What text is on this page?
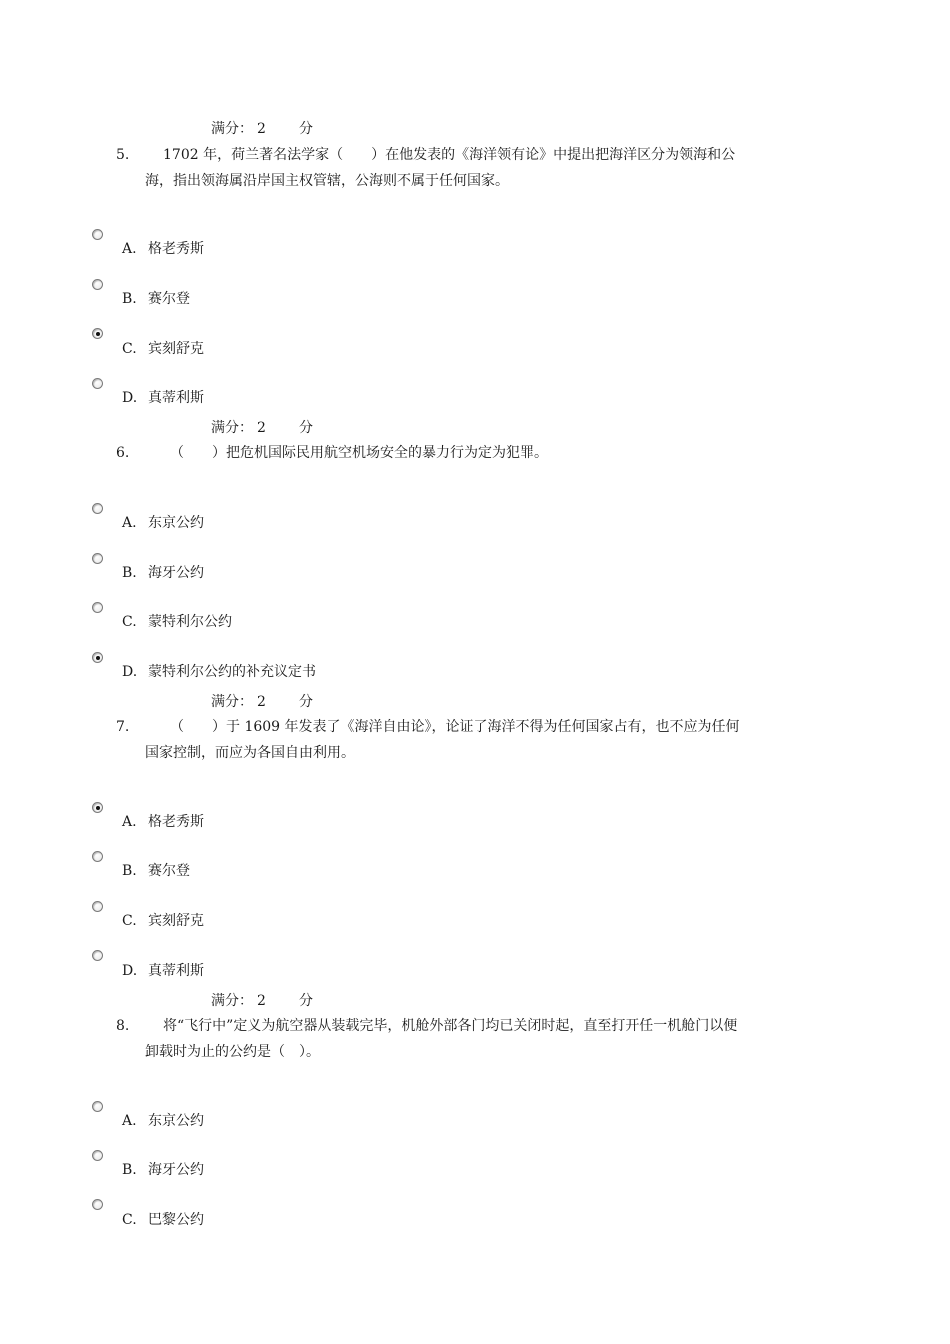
满分： 2 分
5. 1702 年，荷兰著名法学家（　　）在他发表的《海洋领有论》中提出把海洋区分为领海和公
海，指出领海属沿岸国主权管辖，公海则不属于任何国家。
A. 格老秀斯
B. 赛尔登
C. 宾刻舒克
D. 真蒂利斯
满分： 2 分
6.	（　　）把危机国际民用航空机场安全的暴力行为定为犯罪。
A. 东京公约
B. 海牙公约
C. 蒙特利尔公约
D. 蒙特利尔公约的补充议定书
满分： 2 分
7.	（　　）于 1609 年发表了《海洋自由论》，论证了海洋不得为任何国家占有，也不应为任何
国家控制，而应为各国自由利用。
A. 格老秀斯
B. 赛尔登
C. 宾刻舒克
D. 真蒂利斯
满分： 2 分
8. 将“飞行中”定义为航空器从装载完毕，机舱外部各门均已关闭时起，直至打开任一机舱门以便
卸载时为止的公约是（　）。
A. 东京公约
B. 海牙公约
C. 巴黎公约
